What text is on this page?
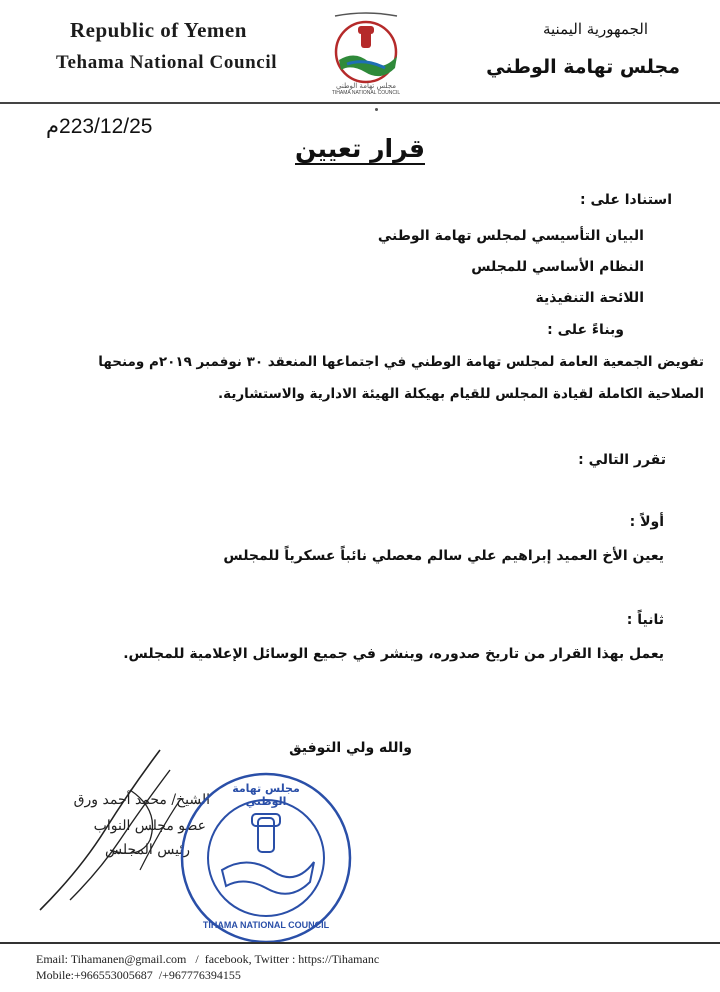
Republic of Yemen
Tehama National Council
الجمهورية اليمنية
مجلس تهامة الوطني
مجلس تهامة الوطني
TIHAMA NATIONAL COUNCIL
223/12/25م
قرار تعيين
استنادا على :
البيان التأسيسي لمجلس تهامة الوطني
النظام الأساسي للمجلس
اللائحة التنفيذية
وبناءً على :
تفويض الجمعية العامة لمجلس تهامة الوطني في اجتماعها المنعقد ٣٠ نوفمبر ٢٠١٩م ومنحها
الصلاحية الكاملة لقيادة المجلس للقيام بهيكلة الهيئة الادارية والاستشارية.
تقرر التالي :
أولاً :
يعين الأخ العميد إبراهيم علي سالم معصلي نائباً عسكرياً للمجلس
ثانياً :
يعمل بهذا القرار من تاريخ صدوره، وينشر في جميع الوسائل الإعلامية للمجلس.
والله ولي التوفيق
الشيخ/ محمد أحمد ورق
عضو مجلس النواب
رئيس المجلس
مجلس تهامة الوطني
TIHAMA NATIONAL COUNCIL
Email: Tihamanen@gmail.com   /  facebook, Twitter : https://Tihamanc
Mobile:+966553005687  /+967776394155
